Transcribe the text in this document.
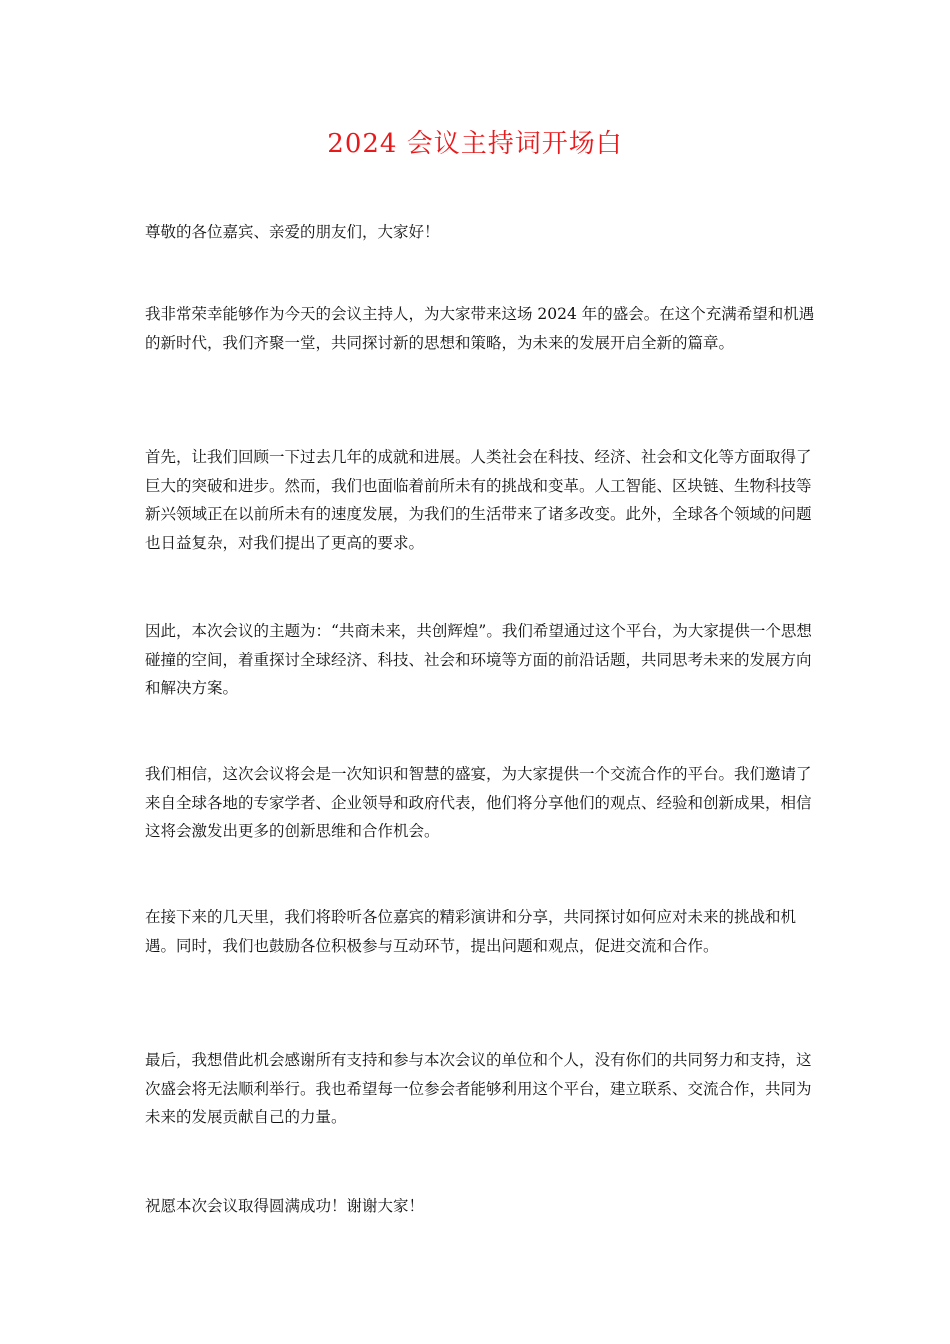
2024 会议主持词开场白

尊敬的各位嘉宾、亲爱的朋友们，大家好！

我非常荣幸能够作为今天的会议主持人，为大家带来这场 2024 年的盛会。在这个充满希望和机遇的新时代，我们齐聚一堂，共同探讨新的思想和策略，为未来的发展开启全新的篇章。

首先，让我们回顾一下过去几年的成就和进展。人类社会在科技、经济、社会和文化等方面取得了巨大的突破和进步。然而，我们也面临着前所未有的挑战和变革。人工智能、区块链、生物科技等新兴领域正在以前所未有的速度发展，为我们的生活带来了诸多改变。此外，全球各个领域的问题也日益复杂，对我们提出了更高的要求。

因此，本次会议的主题为：“共商未来，共创辉煌”。我们希望通过这个平台，为大家提供一个思想碰撞的空间，着重探讨全球经济、科技、社会和环境等方面的前沿话题，共同思考未来的发展方向和解决方案。

我们相信，这次会议将会是一次知识和智慧的盛宴，为大家提供一个交流合作的平台。我们邀请了来自全球各地的专家学者、企业领导和政府代表，他们将分享他们的观点、经验和创新成果，相信这将会激发出更多的创新思维和合作机会。

在接下来的几天里，我们将聆听各位嘉宾的精彩演讲和分享，共同探讨如何应对未来的挑战和机遇。同时，我们也鼓励各位积极参与互动环节，提出问题和观点，促进交流和合作。

最后，我想借此机会感谢所有支持和参与本次会议的单位和个人，没有你们的共同努力和支持，这次盛会将无法顺利举行。我也希望每一位参会者能够利用这个平台，建立联系、交流合作，共同为未来的发展贡献自己的力量。

祝愿本次会议取得圆满成功！谢谢大家！
